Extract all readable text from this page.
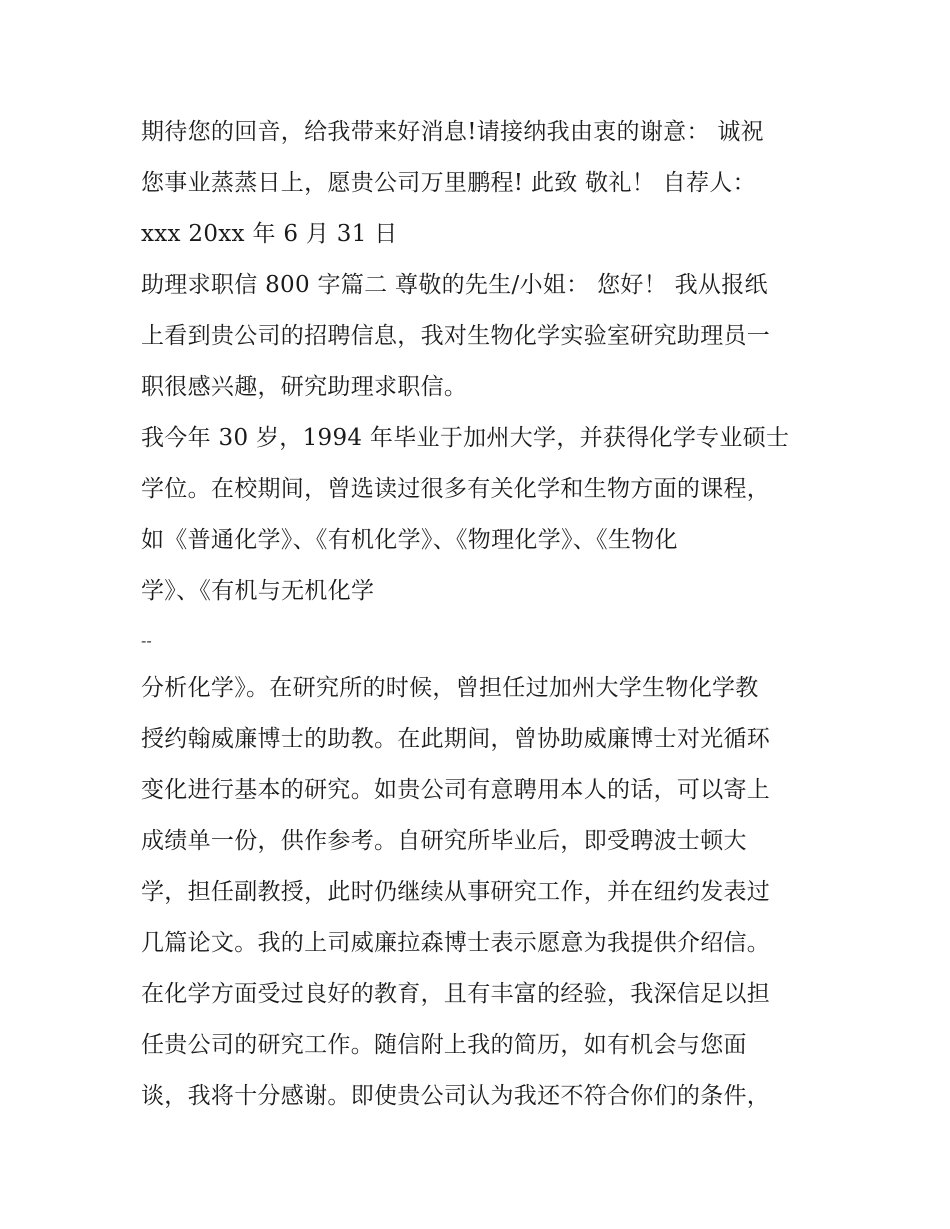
期待您的回音，给我带来好消息!请接纳我由衷的谢意： 诚祝
您事业蒸蒸日上，愿贵公司万里鹏程! 此致 敬礼！ 自荐人：
xxx 20xx 年 6 月 31 日
助理求职信 800 字篇二 尊敬的先生/小姐： 您好！ 我从报纸
上看到贵公司的招聘信息，我对生物化学实验室研究助理员一
职很感兴趣，研究助理求职信。
我今年 30 岁，1994 年毕业于加州大学，并获得化学专业硕士
学位。在校期间，曾选读过很多有关化学和生物方面的课程，
如《普通化学》、《有机化学》、《物理化学》、《生物化
学》、《有机与无机化学
--
分析化学》。在研究所的时候，曾担任过加州大学生物化学教
授约翰威廉博士的助教。在此期间，曾协助威廉博士对光循环
变化进行基本的研究。如贵公司有意聘用本人的话，可以寄上
成绩单一份，供作参考。自研究所毕业后，即受聘波士顿大
学，担任副教授，此时仍继续从事研究工作，并在纽约发表过
几篇论文。我的上司威廉拉森博士表示愿意为我提供介绍信。
在化学方面受过良好的教育，且有丰富的经验，我深信足以担
任贵公司的研究工作。随信附上我的简历，如有机会与您面
谈，我将十分感谢。即使贵公司认为我还不符合你们的条件，
